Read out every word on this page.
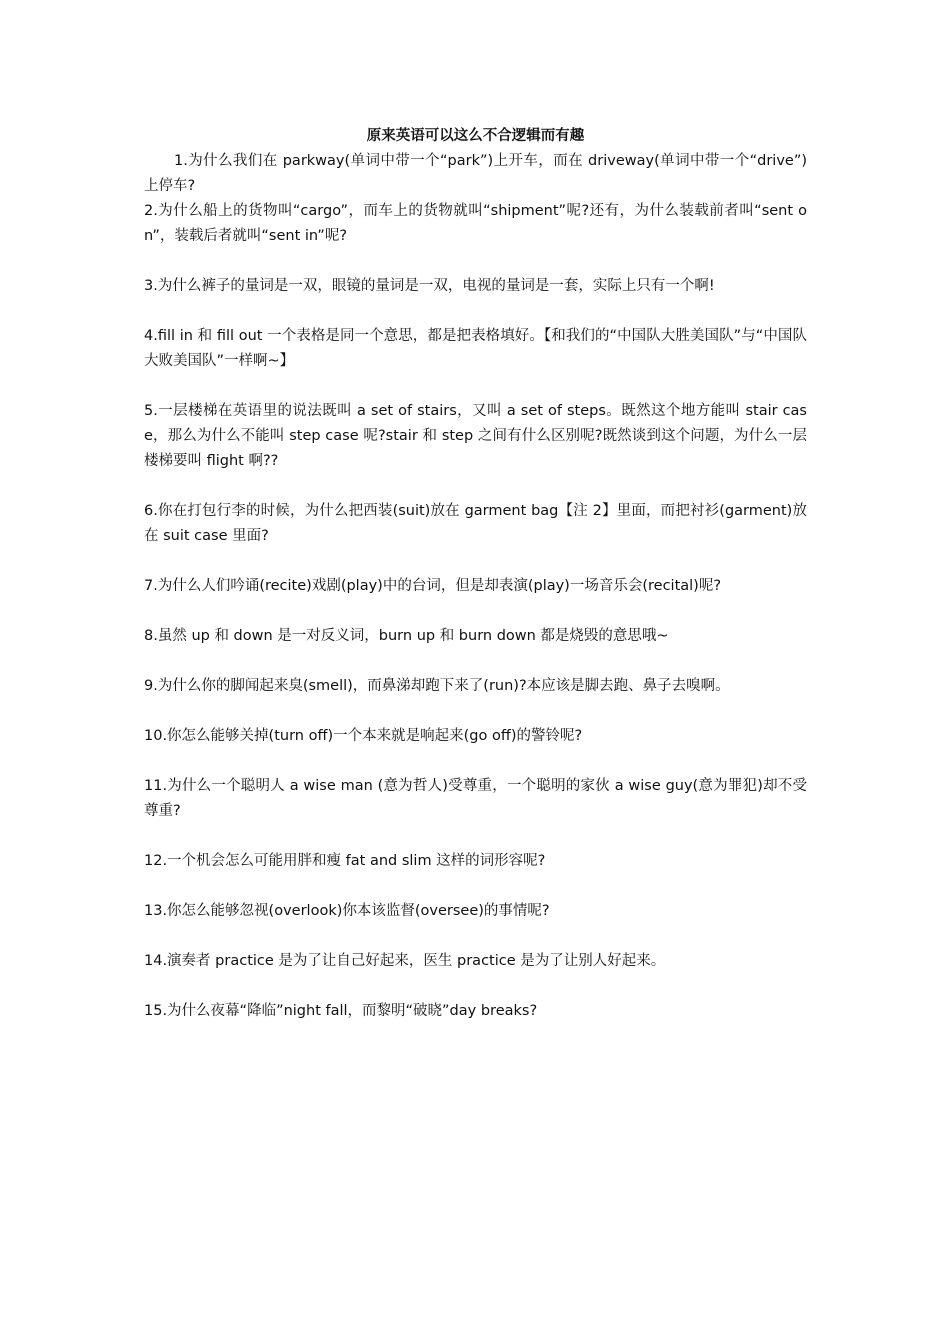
原来英语可以这么不合逻辑而有趣

1.为什么我们在 parkway(单词中带一个“park”)上开车，而在 driveway(单词中带一个“drive”)上停车?

2.为什么船上的货物叫“cargo”，而车上的货物就叫“shipment”呢?还有，为什么装载前者叫“sent on”，装载后者就叫“sent in”呢?

3.为什么裤子的量词是一双，眼镜的量词是一双，电视的量词是一套，实际上只有一个啊!

4.fill in 和 fill out 一个表格是同一个意思，都是把表格填好。【和我们的“中国队大胜美国队”与“中国队大败美国队”一样啊~】

5.一层楼梯在英语里的说法既叫 a set of stairs，又叫 a set of steps。既然这个地方能叫 stair case，那么为什么不能叫 step case 呢?stair 和 step 之间有什么区别呢?既然谈到这个问题，为什么一层楼梯要叫 flight 啊??

6.你在打包行李的时候，为什么把西装(suit)放在 garment bag【注 2】里面，而把衬衫(garment)放在 suit case 里面?

7.为什么人们吟诵(recite)戏剧(play)中的台词，但是却表演(play)一场音乐会(recital)呢?

8.虽然 up 和 down 是一对反义词，burn up 和 burn down 都是烧毁的意思哦~

9.为什么你的脚闻起来臭(smell)，而鼻涕却跑下来了(run)?本应该是脚去跑、鼻子去嗅啊。

10.你怎么能够关掉(turn off)一个本来就是响起来(go off)的警铃呢?

11.为什么一个聪明人 a wise man (意为哲人)受尊重，一个聪明的家伙 a wise guy(意为罪犯)却不受尊重?

12.一个机会怎么可能用胖和瘦 fat and slim 这样的词形容呢?

13.你怎么能够忽视(overlook)你本该监督(oversee)的事情呢?

14.演奏者 practice 是为了让自己好起来，医生 practice 是为了让别人好起来。

15.为什么夜幕“降临”night fall，而黎明“破晓”day breaks?
